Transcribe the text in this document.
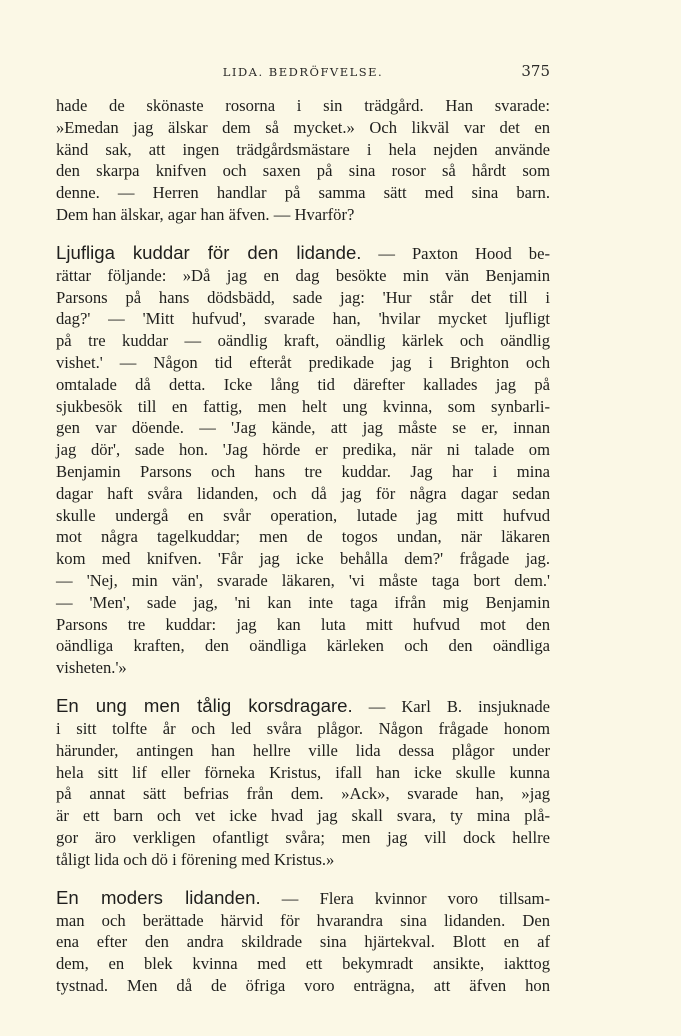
LIDA. BEDRÖFVELSE.	375
hade de skönaste rosorna i sin trädgård. Han svarade:
»Emedan jag älskar dem så mycket.» Och likväl var det en
känd sak, att ingen trädgårdsmästare i hela nejden använde
den skarpa knifven och saxen på sina rosor så hårdt som
denne. — Herren handlar på samma sätt med sina barn.
Dem han älskar, agar han äfven. — Hvarför?
Ljufliga kuddar för den lidande. — Paxton Hood be-
rättar följande: »Då jag en dag besökte min vän Benjamin
Parsons på hans dödsbädd, sade jag: 'Hur står det till i
dag?' — 'Mitt hufvud', svarade han, 'hvilar mycket ljufligt
på tre kuddar — oändlig kraft, oändlig kärlek och oändlig
vishet.' — Någon tid efteråt predikade jag i Brighton och
omtalade då detta. Icke lång tid därefter kallades jag på
sjukbesök till en fattig, men helt ung kvinna, som synbarli-
gen var döende. — 'Jag kände, att jag måste se er, innan
jag dör', sade hon. 'Jag hörde er predika, när ni talade om
Benjamin Parsons och hans tre kuddar. Jag har i mina
dagar haft svåra lidanden, och då jag för några dagar sedan
skulle undergå en svår operation, lutade jag mitt hufvud
mot några tagelkuddar; men de togos undan, när läkaren
kom med knifven. 'Får jag icke behålla dem?' frågade jag.
— 'Nej, min vän', svarade läkaren, 'vi måste taga bort dem.'
— 'Men', sade jag, 'ni kan inte taga ifrån mig Benjamin
Parsons tre kuddar: jag kan luta mitt hufvud mot den
oändliga kraften, den oändliga kärleken och den oändliga
visheten.'»
En ung men tålig korsdragare. — Karl B. insjuknade
i sitt tolfte år och led svåra plågor. Någon frågade honom
härunder, antingen han hellre ville lida dessa plågor under
hela sitt lif eller förneka Kristus, ifall han icke skulle kunna
på annat sätt befrias från dem. »Ack», svarade han, »jag
är ett barn och vet icke hvad jag skall svara, ty mina plå-
gor äro verkligen ofantligt svåra; men jag vill dock hellre
tåligt lida och dö i förening med Kristus.»
En moders lidanden. — Flera kvinnor voro tillsam-
man och berättade härvid för hvarandra sina lidanden. Den
ena efter den andra skildrade sina hjärtekval. Blott en af
dem, en blek kvinna med ett bekymradt ansikte, iakttog
tystnad. Men då de öfriga voro enträgna, att äfven hon
